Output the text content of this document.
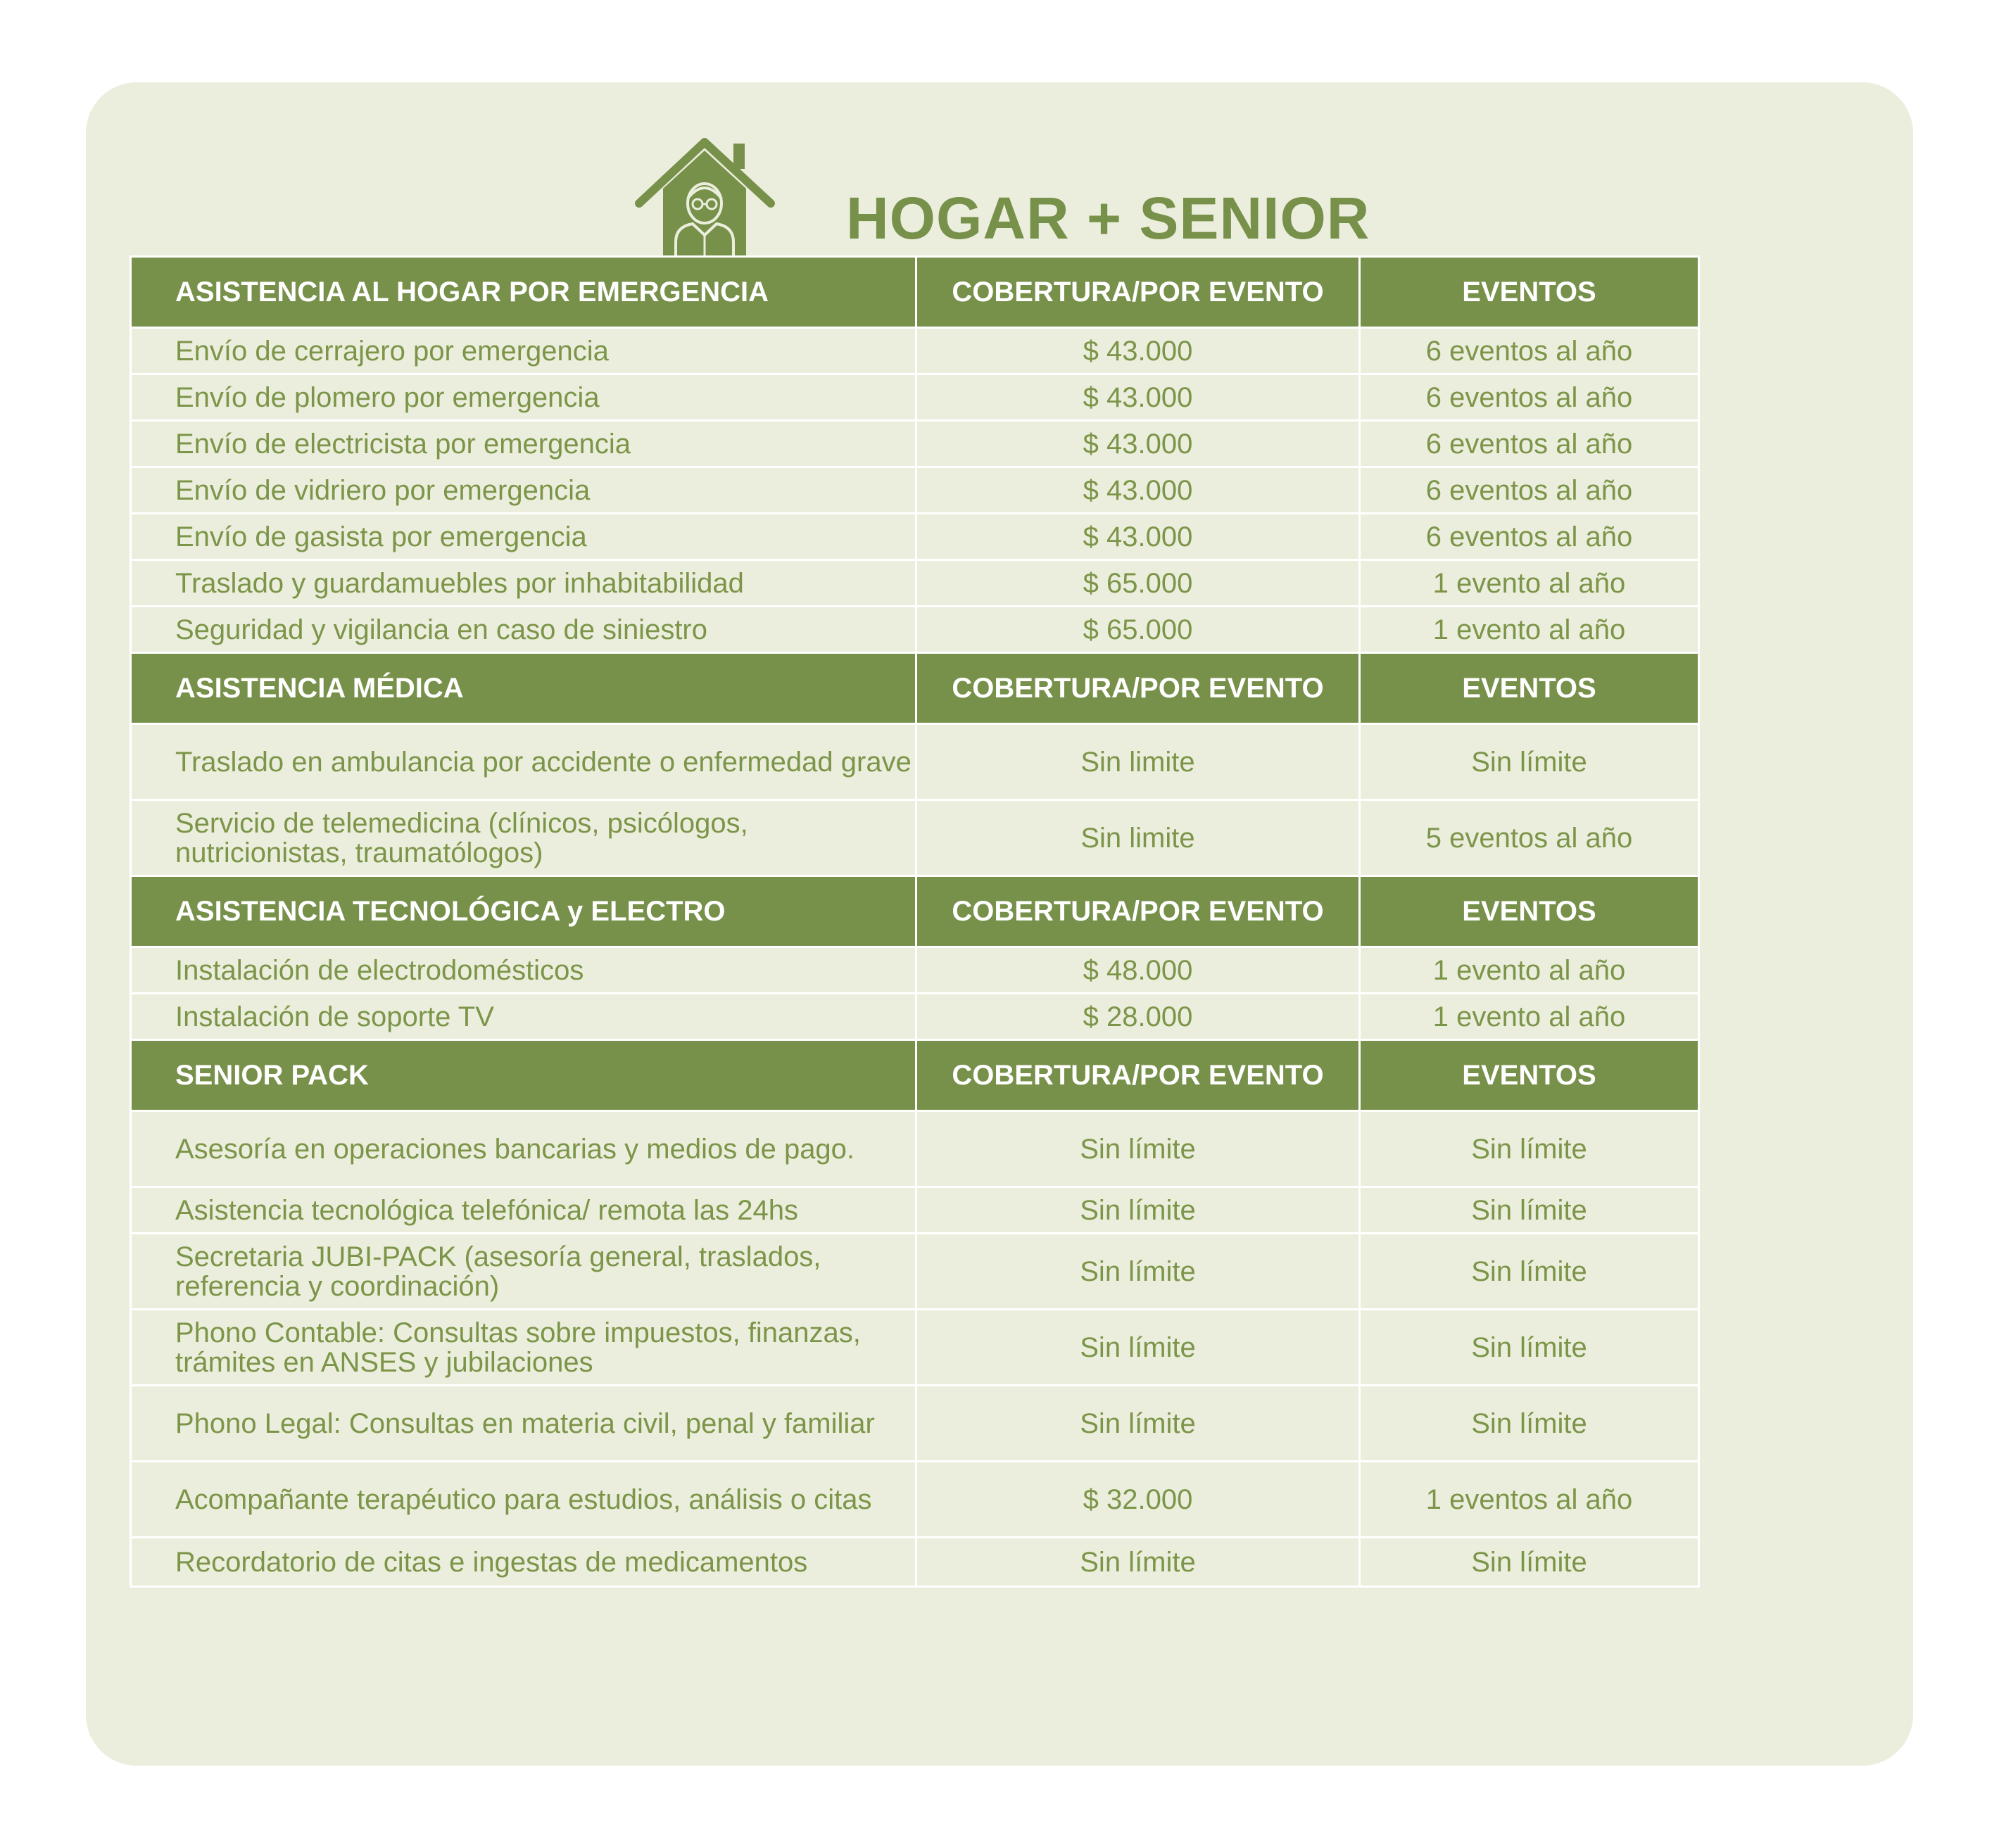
HOGAR + SENIOR
ASISTENCIA AL HOGAR POR EMERGENCIA	COBERTURA/POR EVENTO	EVENTOS
Envío de cerrajero por emergencia	$ 43.000	6 eventos al año
Envío de plomero por emergencia	$ 43.000	6 eventos al año
Envío de electricista por emergencia	$ 43.000	6 eventos al año
Envío de vidriero por emergencia	$ 43.000	6 eventos al año
Envío de gasista por emergencia	$ 43.000	6 eventos al año
Traslado y guardamuebles por inhabitabilidad	$ 65.000	1 evento al año
Seguridad y vigilancia en caso de siniestro	$ 65.000	1 evento al año
ASISTENCIA MÉDICA	COBERTURA/POR EVENTO	EVENTOS
Traslado en ambulancia por accidente o enfermedad grave	Sin limite	Sin límite
Servicio de telemedicina (clínicos, psicólogos, nutricionistas, traumatólogos)	Sin limite	5 eventos al año
ASISTENCIA TECNOLÓGICA y ELECTRO	COBERTURA/POR EVENTO	EVENTOS
Instalación de electrodomésticos	$ 48.000	1 evento al año
Instalación de soporte TV	$ 28.000	1 evento al año
SENIOR PACK	COBERTURA/POR EVENTO	EVENTOS
Asesoría en operaciones bancarias y medios de pago.	Sin límite	Sin límite
Asistencia tecnológica telefónica/ remota las 24hs	Sin límite	Sin límite
Secretaria JUBI-PACK (asesoría general, traslados, referencia y coordinación)	Sin límite	Sin límite
Phono Contable: Consultas sobre impuestos, finanzas, trámites en ANSES y jubilaciones	Sin límite	Sin límite
Phono Legal: Consultas en materia civil, penal y familiar	Sin límite	Sin límite
Acompañante terapéutico para estudios, análisis o citas	$ 32.000	1 eventos al año
Recordatorio de citas e ingestas de medicamentos	Sin límite	Sin límite
